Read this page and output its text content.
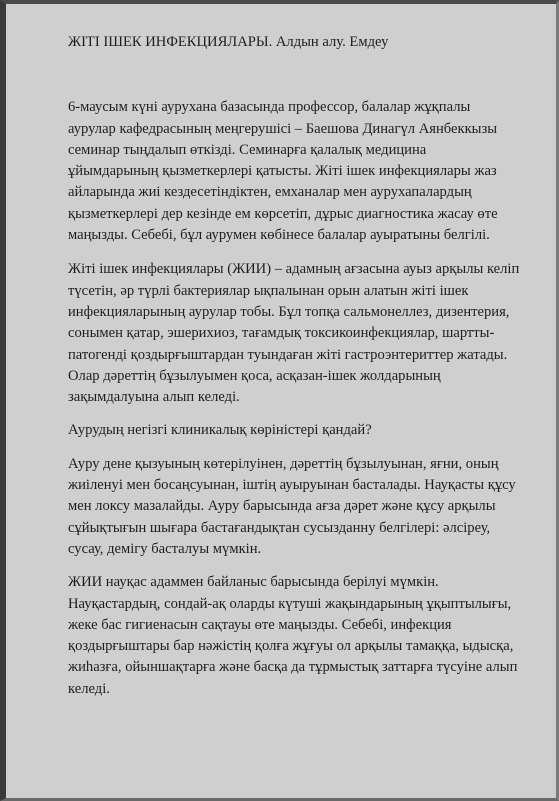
ЖІТІ ІШЕК ИНФЕКЦИЯЛАРЫ. Алдын алу. Емдеу

6-маусым күні аурухана базасында профессор, балалар жұқпалы аурулар кафедрасының меңгерушісі – Баешова Динагүл Аянбеккызы семинар тыңдалып өткізді. Семинарға қалалық медицина ұйымдарының қызметкерлері қатысты. Жіті ішек инфекциялары жаз айларында жиі кездесетіндіктен, емханалар мен аурухапалардың қызметкерлері дер кезінде ем көрсетіп, дұрыс диагностика жасау өте маңызды. Себебі, бұл аурумен көбінесе балалар ауыратыны белгілі.

Жіті ішек инфекциялары (ЖИИ) – адамның ағзасына ауыз арқылы келіп түсетін, әр түрлі бактериялар ықпалынан орын алатын жіті ішек инфекцияларының аурулар тобы. Бұл топқа сальмонеллез, дизентерия, сонымен қатар, эшерихиоз, тағамдық токсикоинфекциялар, шартты-патогенді қоздырғыштардан туындаған жіті гастроэнтериттер жатады. Олар дәреттің бұзылуымен қоса, асқазан-ішек жолдарының зақымдалуына алып келеді.

Аурудың негізгі клиникалық көріністері қандай?

Ауру дене қызуының көтерілуінен, дәреттің бұзылуынан, яғни, оның жиіленуі мен босаңсуынан, іштің ауыруынан басталады. Науқасты құсу мен локсу мазалайды. Ауру барысында ағза дәрет және құсу арқылы сұйықтығын шығара бастағандықтан сусызданну белгілері: әлсіреу, сусау, демігу басталуы мүмкін.

ЖИИ науқас адаммен байланыс барысында берілуі мүмкін. Науқастардың, сондай-ақ оларды күтуші жақындарының ұқыптылығы, жеке бас гигиенасын сақтауы өте маңызды. Себебі, инфекция қоздырғыштары бар нәжістің қолға жұғуы ол арқылы тамаққа, ыдысқа, жиһазға, ойыншақтарға және басқа да тұрмыстық заттарға түсуіне алып келеді.
